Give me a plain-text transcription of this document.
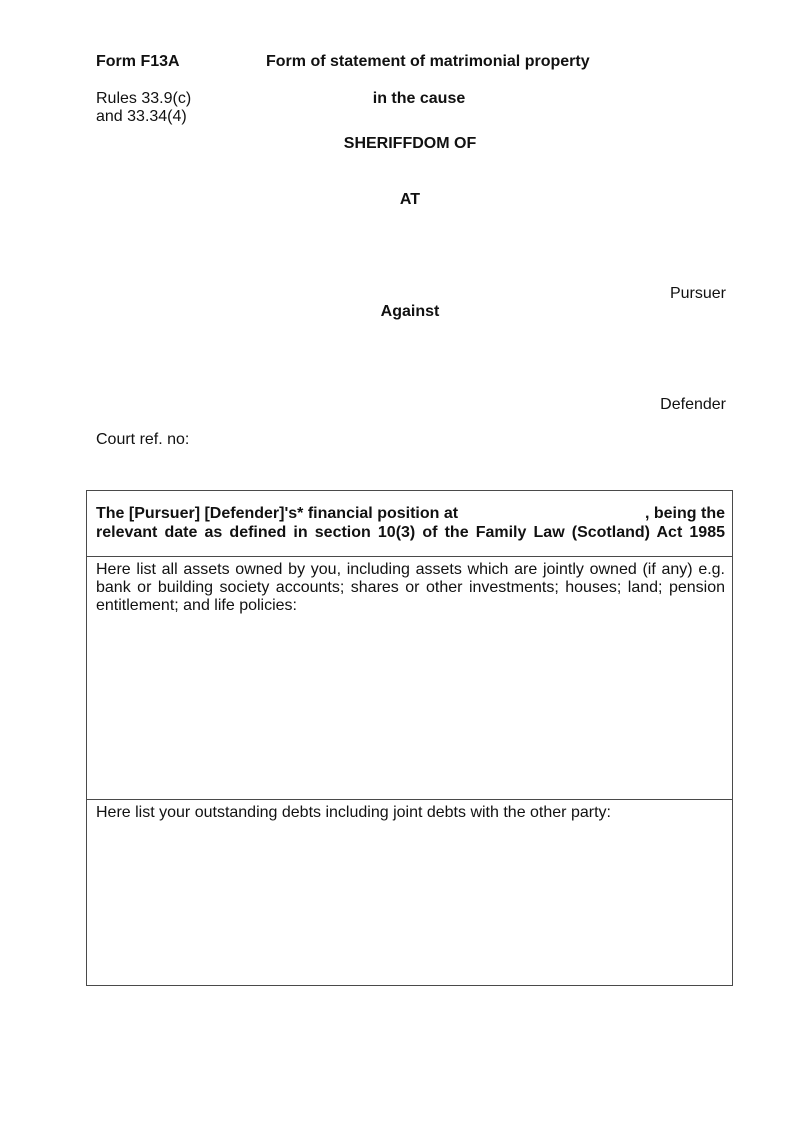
Form F13A	Form of statement of matrimonial property
Rules 33.9(c)
and 33.34(4)
in the cause
SHERIFFDOM OF
AT
Pursuer
Against
Defender
Court ref. no:
The [Pursuer] [Defender]'s* financial position at	, being the
relevant date as defined in section 10(3) of the Family Law (Scotland) Act 1985
Here list all assets owned by you, including assets which are jointly owned (if any) e.g.
bank or building society accounts; shares or other investments; houses; land; pension
entitlement; and life policies:
Here list your outstanding debts including joint debts with the other party:
